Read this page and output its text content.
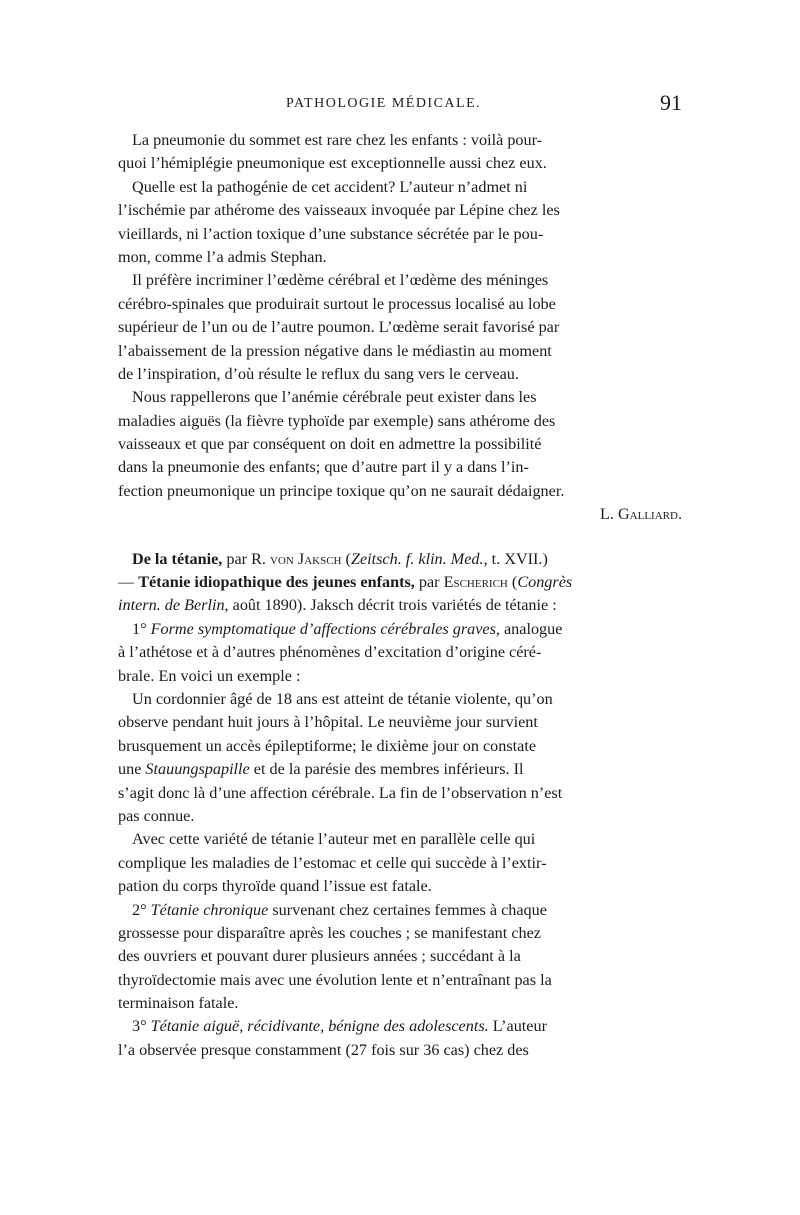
PATHOLOGIE MÉDICALE.	91
La pneumonie du sommet est rare chez les enfants : voilà pour-
quoi l’hémiplégie pneumonique est exceptionnelle aussi chez eux.
Quelle est la pathogénie de cet accident? L’auteur n’admet ni
l’ischémie par athérome des vaisseaux invoquée par Lépine chez les
vieillards, ni l’action toxique d’une substance sécrétée par le pou-
mon, comme l’a admis Stephan.
Il préfère incriminer l’œdème cérébral et l’œdème des méninges
cérébro-spinales que produirait surtout le processus localisé au lobe
supérieur de l’un ou de l’autre poumon. L’œdème serait favorisé par
l’abaissement de la pression négative dans le médiastin au moment
de l’inspiration, d’où résulte le reflux du sang vers le cerveau.
Nous rappellerons que l’anémie cérébrale peut exister dans les
maladies aiguës (la fièvre typhoïde par exemple) sans athérome des
vaisseaux et que par conséquent on doit en admettre la possibilité
dans la pneumonie des enfants; que d’autre part il y a dans l’in-
fection pneumonique un principe toxique qu’on ne saurait dédaigner.
L. Galliard.
De la tétanie, par R. von Jaksch (Zeitsch. f. klin. Med., t. XVII.)
— Tétanie idiopathique des jeunes enfants, par Escherich (Congrès
intern. de Berlin, août 1890). Jaksch décrit trois variétés de tétanie :
1° Forme symptomatique d’affections cérébrales graves, analogue
à l’athétose et à d’autres phénomènes d’excitation d’origine céré-
brale. En voici un exemple :
Un cordonnier âgé de 18 ans est atteint de tétanie violente, qu’on
observe pendant huit jours à l’hôpital. Le neuvième jour survient
brusquement un accès épileptiforme; le dixième jour on constate
une Stauungspapille et de la parésie des membres inférieurs. Il
s’agit donc là d’une affection cérébrale. La fin de l’observation n’est
pas connue.
Avec cette variété de tétanie l’auteur met en parallèle celle qui
complique les maladies de l’estomac et celle qui succède à l’extir-
pation du corps thyroïde quand l’issue est fatale.
2° Tétanie chronique survenant chez certaines femmes à chaque
grossesse pour disparaître après les couches ; se manifestant chez
des ouvriers et pouvant durer plusieurs années ; succédant à la
thyroïdectomie mais avec une évolution lente et n’entraînant pas la
terminaison fatale.
3° Tétanie aiguë, récidivante, bénigne des adolescents. L’auteur
l’a observée presque constamment (27 fois sur 36 cas) chez des
